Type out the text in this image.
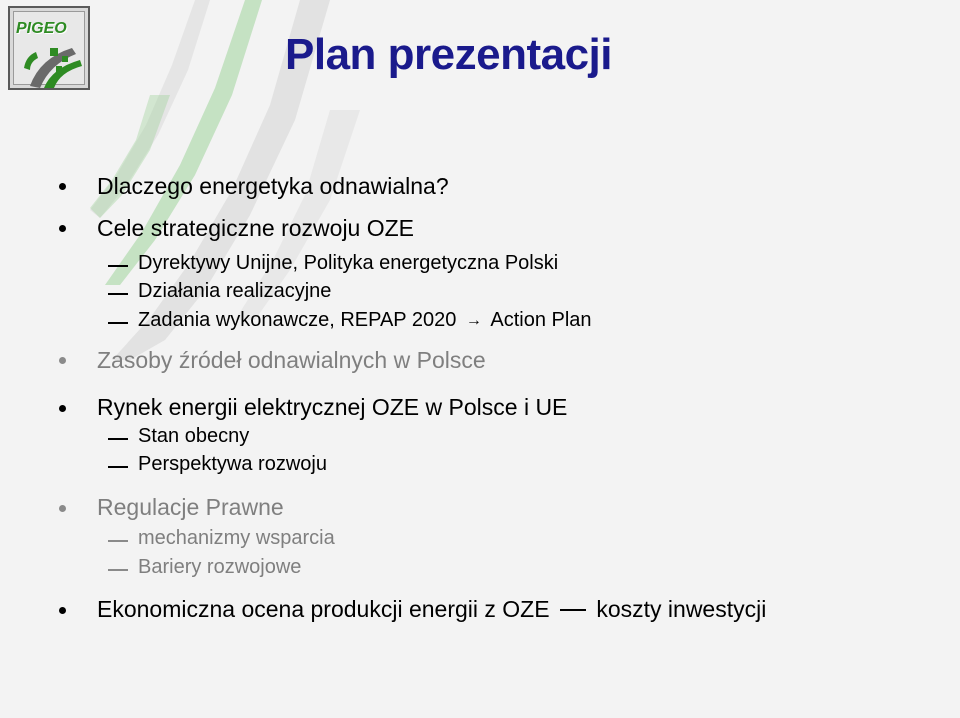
PIGEO
Plan prezentacji
Dlaczego energetyka odnawialna?
Cele strategiczne rozwoju OZE
Dyrektywy Unijne, Polityka energetyczna Polski
Działania realizacyjne
Zadania wykonawcze, REPAP 2020 → Action Plan
Zasoby źródeł odnawialnych w Polsce
Rynek energii elektrycznej OZE w Polsce i UE
Stan obecny
Perspektywa rozwoju
Regulacje Prawne
mechanizmy wsparcia
Bariery rozwojowe
Ekonomiczna ocena produkcji energii z OZE koszty inwestycji
